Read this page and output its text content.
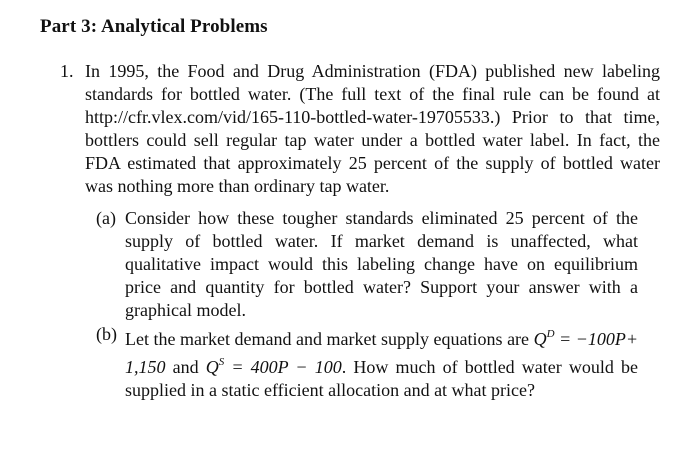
Part 3: Analytical Problems
1. In 1995, the Food and Drug Administration (FDA) published new labeling standards for bottled water. (The full text of the final rule can be found at http://cfr.vlex.com/vid/165-110-bottled-water-19705533.) Prior to that time, bottlers could sell regular tap water under a bottled water label. In fact, the FDA estimated that approximately 25 percent of the supply of bottled water was nothing more than ordinary tap water.
(a) Consider how these tougher standards eliminated 25 percent of the supply of bottled water. If market demand is unaffected, what qualitative impact would this labeling change have on equilibrium price and quantity for bottled water? Support your answer with a graphical model.
(b) Let the market demand and market supply equations are $Q^D = -100P+ 1,150$ and $Q^S = 400P - 100$. How much of bottled water would be supplied in a static efficient allocation and at what price?
